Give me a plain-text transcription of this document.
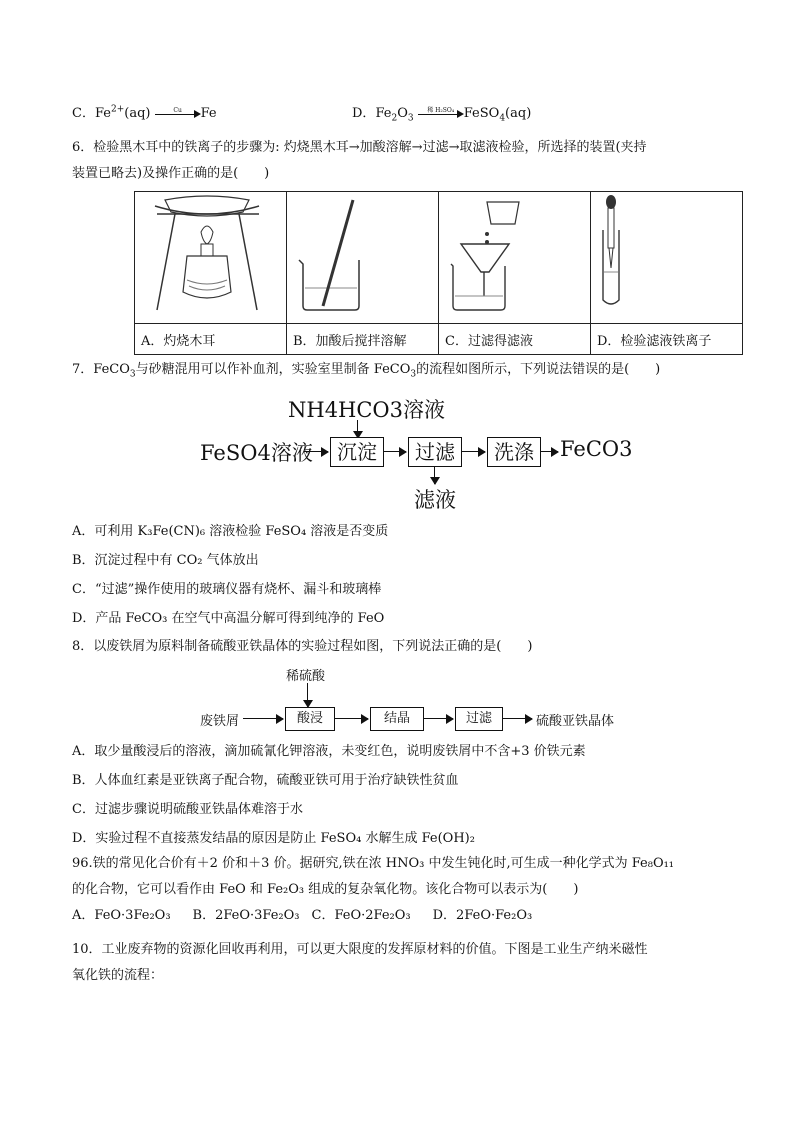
C．$Fe^{2+}(aq)$	Cu	Fe	D．$Fe_2O_3$
稀 H₂SO₄ FeSO$_4$(aq)
6．检验黑木耳中的铁离子的步骤为: 灼烧黑木耳→加酸溶解→过滤→取滤液检验，所选择的装置(夹持
装置已略去)及操作正确的是(　　)

A．灼烧木耳	B．加酸后搅拌溶解	C．过滤得滤液	D．检验滤液铁离子
7．FeCO$_3$与砂糖混用可以作补血剂，实验室里制备 FeCO$_3$的流程如图所示，下列说法错误的是(　　)
NH4HCO3溶液
FeSO4溶液	沉淀	过滤	洗涤	FeCO3
滤液
A．可利用 K₃Fe(CN)₆ 溶液检验 FeSO₄ 溶液是否变质
B．沉淀过程中有 CO₂ 气体放出
C．“过滤”操作使用的玻璃仪器有烧杯、漏斗和玻璃棒
D．产品 FeCO₃ 在空气中高温分解可得到纯净的 FeO
8．以废铁屑为原料制备硫酸亚铁晶体的实验过程如图，下列说法正确的是(　　)
稀硫酸
废铁屑	酸浸	结晶	过滤	硫酸亚铁晶体
A．取少量酸浸后的溶液，滴加硫氰化钾溶液，未变红色，说明废铁屑中不含+3 价铁元素
B．人体血红素是亚铁离子配合物，硫酸亚铁可用于治疗缺铁性贫血
C．过滤步骤说明硫酸亚铁晶体难溶于水
D．实验过程不直接蒸发结晶的原因是防止 FeSO₄ 水解生成 Fe(OH)₂
96.铁的常见化合价有＋2 价和＋3 价。据研究,铁在浓 HNO₃ 中发生钝化时,可生成一种化学式为 Fe₈O₁₁
的化合物，它可以看作由 FeO 和 Fe₂O₃ 组成的复杂氧化物。该化合物可以表示为(　　)
A．FeO·3Fe₂O₃ B．2FeO·3Fe₂O₃ C．FeO·2Fe₂O₃ D．2FeO·Fe₂O₃
10．工业废弃物的资源化回收再利用，可以更大限度的发挥原材料的价值。下图是工业生产纳米磁性
氧化铁的流程：
